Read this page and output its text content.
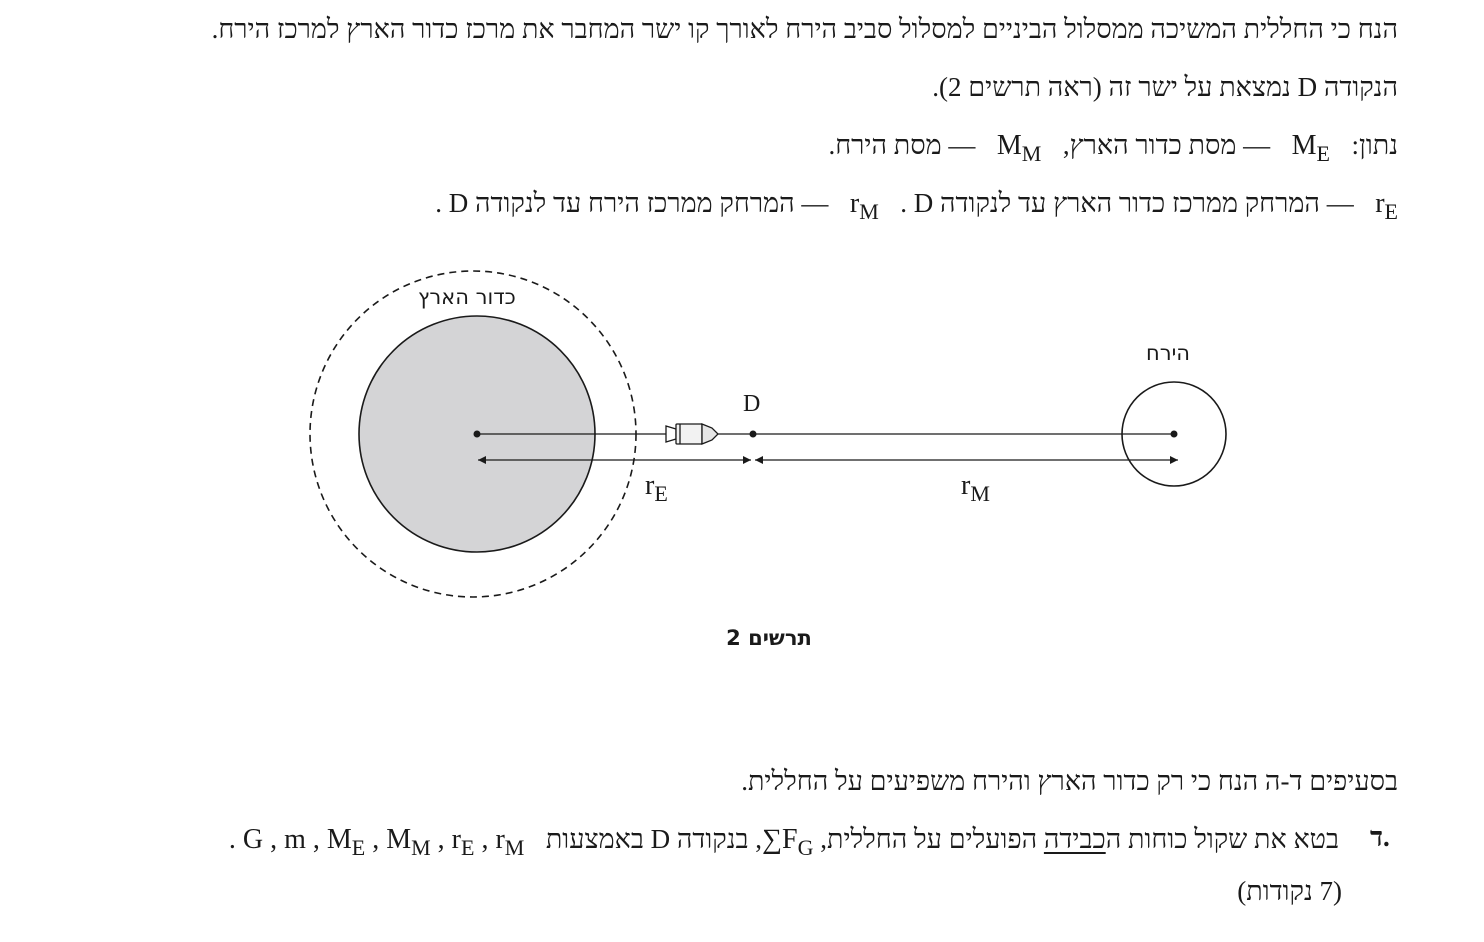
הנח כי החללית המשיכה ממסלול הביניים למסלול סביב הירח לאורך קו ישר המחבר את מרכז כדור הארץ למרכז הירח.
הנקודה D נמצאת על ישר זה (ראה תרשים 2).
נתון:  $M_E$  — מסת כדור הארץ,  $M_M$  — מסת הירח.
$r_E$  — המרחק ממרכז כדור הארץ עד לנקודה D .  $r_M$  — המרחק ממרכז הירח עד לנקודה D .
כדור הארץ
הירח
D
$r_E$	$r_M$
תרשים 2
בסעיפים ד-ה הנח כי רק כדור הארץ והירח משפיעים על החללית.
ד.
בטא את שקול כוחות הכבידה הפועלים על החללית, $\sum F_G$, בנקודה D באמצעות  . G , m , $M_E$ , $M_M$ , $r_E$ , $r_M$
(7 נקודות)
